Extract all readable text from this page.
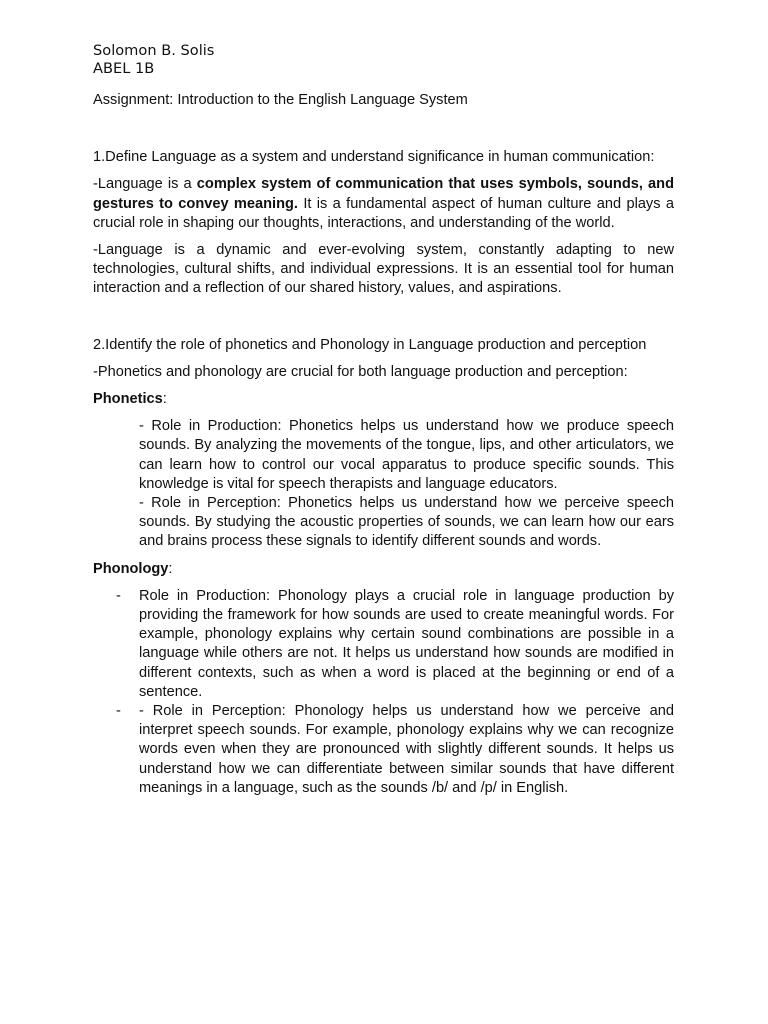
Solomon B. Solis
ABEL 1B

Assignment: Introduction to the English Language System

1.Define Language as a system and understand significance in human communication:

-Language is a complex system of communication that uses symbols, sounds, and gestures to convey meaning. It is a fundamental aspect of human culture and plays a crucial role in shaping our thoughts, interactions, and understanding of the world.

-Language is a dynamic and ever-evolving system, constantly adapting to new technologies, cultural shifts, and individual expressions. It is an essential tool for human interaction and a reflection of our shared history, values, and aspirations.

2.Identify the role of phonetics and Phonology in Language production and perception

-Phonetics and phonology are crucial for both language production and perception:

Phonetics:

- Role in Production: Phonetics helps us understand how we produce speech sounds. By analyzing the movements of the tongue, lips, and other articulators, we can learn how to control our vocal apparatus to produce specific sounds. This knowledge is vital for speech therapists and language educators.

- Role in Perception: Phonetics helps us understand how we perceive speech sounds. By studying the acoustic properties of sounds, we can learn how our ears and brains process these signals to identify different sounds and words.

Phonology:

- Role in Production: Phonology plays a crucial role in language production by providing the framework for how sounds are used to create meaningful words. For example, phonology explains why certain sound combinations are possible in a language while others are not. It helps us understand how sounds are modified in different contexts, such as when a word is placed at the beginning or end of a sentence.
- - Role in Perception: Phonology helps us understand how we perceive and interpret speech sounds. For example, phonology explains why we can recognize words even when they are pronounced with slightly different sounds. It helps us understand how we can differentiate between similar sounds that have different meanings in a language, such as the sounds /b/ and /p/ in English.
